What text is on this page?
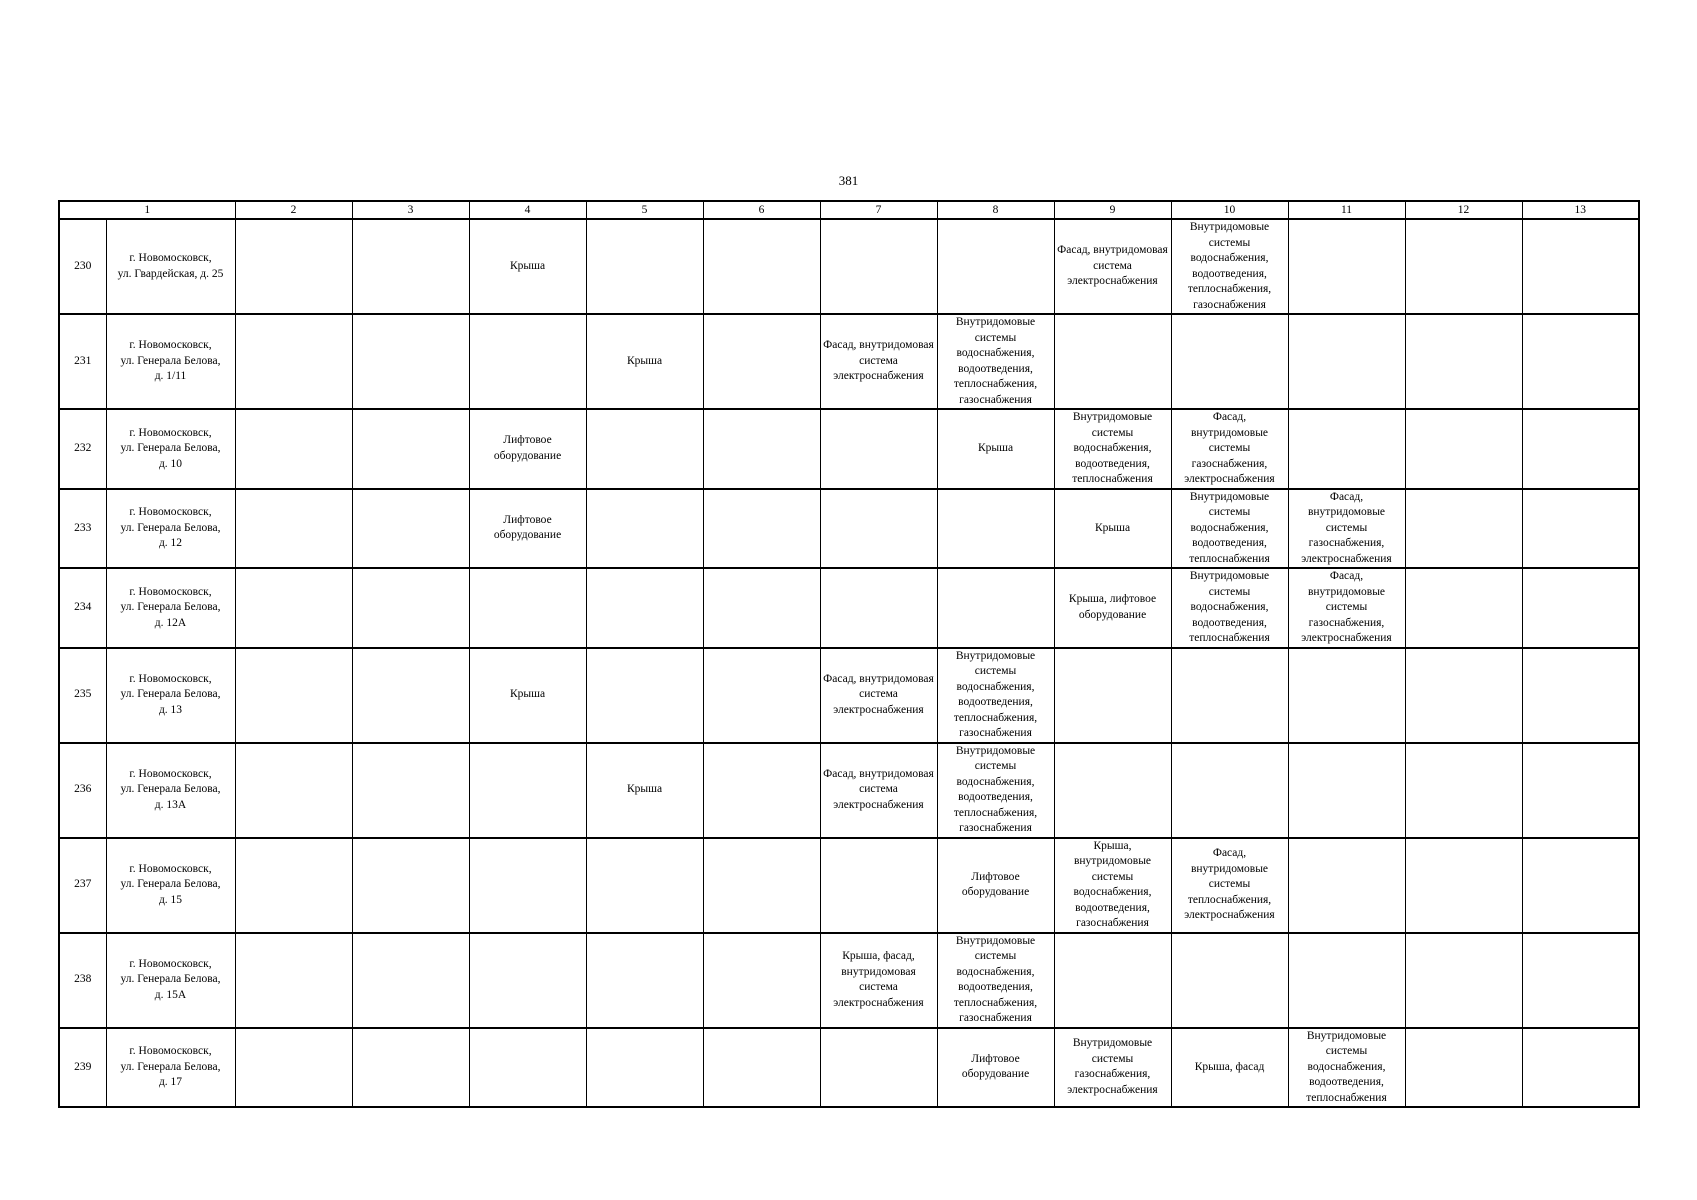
381
1		2	3	4	5	6	7	8	9	10	11	12	13
230	г. Новомосковск,
ул. Гвардейская, д. 25			Крыша					Фасад, внутридомовая система электроснабжения	Внутридомовые системы водоснабжения, водоотведения, теплоснабжения, газоснабжения			
231	г. Новомосковск,
ул. Генерала Белова,
д. 1/11				Крыша		Фасад, внутридомовая система электроснабжения	Внутридомовые системы водоснабжения, водоотведения, теплоснабжения, газоснабжения					
232	г. Новомосковск,
ул. Генерала Белова,
д. 10			Лифтовое оборудование				Крыша	Внутридомовые системы водоснабжения, водоотведения, теплоснабжения	Фасад, внутридомовые системы газоснабжения, электроснабжения			
233	г. Новомосковск,
ул. Генерала Белова,
д. 12			Лифтовое оборудование					Крыша	Внутридомовые системы водоснабжения, водоотведения, теплоснабжения	Фасад, внутридомовые системы газоснабжения, электроснабжения		
234	г. Новомосковск,
ул. Генерала Белова,
д. 12А								Крыша, лифтовое оборудование	Внутридомовые системы водоснабжения, водоотведения, теплоснабжения	Фасад, внутридомовые системы газоснабжения, электроснабжения		
235	г. Новомосковск,
ул. Генерала Белова,
д. 13			Крыша			Фасад, внутридомовая система электроснабжения	Внутридомовые системы водоснабжения, водоотведения, теплоснабжения, газоснабжения					
236	г. Новомосковск,
ул. Генерала Белова,
д. 13А				Крыша		Фасад, внутридомовая система электроснабжения	Внутридомовые системы водоснабжения, водоотведения, теплоснабжения, газоснабжения					
237	г. Новомосковск,
ул. Генерала Белова,
д. 15							Лифтовое оборудование	Крыша, внутридомовые системы водоснабжения, водоотведения, газоснабжения	Фасад, внутридомовые системы теплоснабжения, электроснабжения			
238	г. Новомосковск,
ул. Генерала Белова,
д. 15А						Крыша, фасад, внутридомовая система электроснабжения	Внутридомовые системы водоснабжения, водоотведения, теплоснабжения, газоснабжения					
239	г. Новомосковск,
ул. Генерала Белова,
д. 17							Лифтовое оборудование	Внутридомовые системы газоснабжения, электроснабжения	Крыша, фасад	Внутридомовые системы водоснабжения, водоотведения, теплоснабжения		
